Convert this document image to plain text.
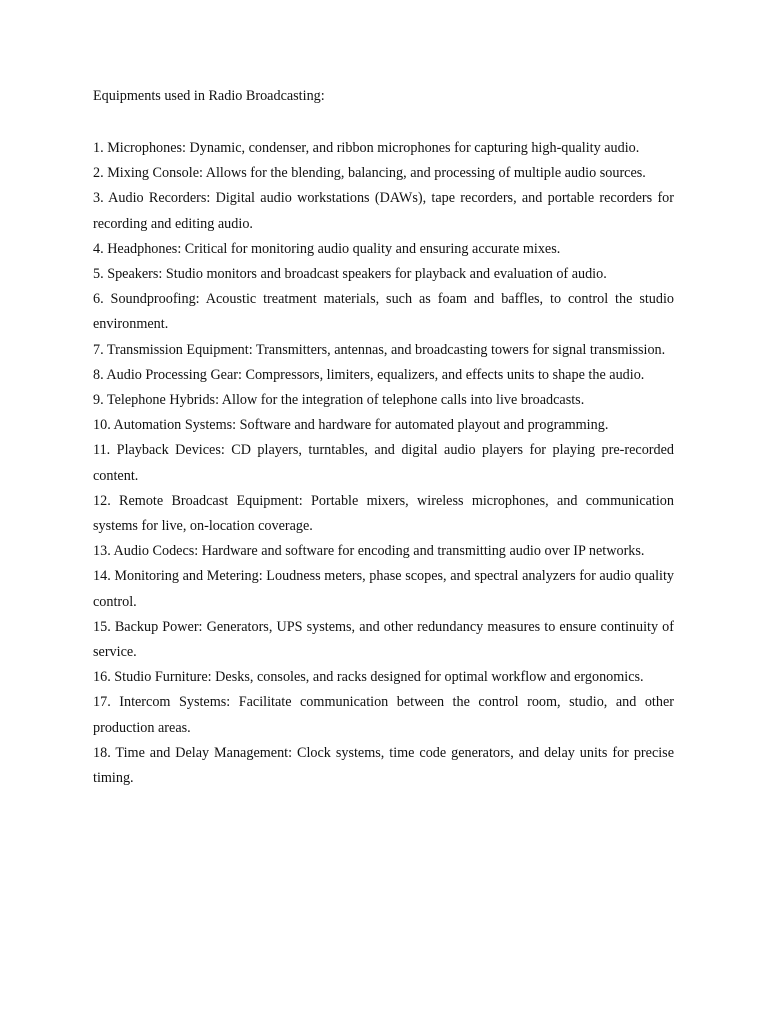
Equipments used in Radio Broadcasting:

1. Microphones: Dynamic, condenser, and ribbon microphones for capturing high-quality audio.
2. Mixing Console: Allows for the blending, balancing, and processing of multiple audio sources.
3. Audio Recorders: Digital audio workstations (DAWs), tape recorders, and portable recorders for recording and editing audio.
4. Headphones: Critical for monitoring audio quality and ensuring accurate mixes.
5. Speakers: Studio monitors and broadcast speakers for playback and evaluation of audio.
6. Soundproofing: Acoustic treatment materials, such as foam and baffles, to control the studio environment.
7. Transmission Equipment: Transmitters, antennas, and broadcasting towers for signal transmission.
8. Audio Processing Gear: Compressors, limiters, equalizers, and effects units to shape the audio.
9. Telephone Hybrids: Allow for the integration of telephone calls into live broadcasts.
10. Automation Systems: Software and hardware for automated playout and programming.
11. Playback Devices: CD players, turntables, and digital audio players for playing pre-recorded content.
12. Remote Broadcast Equipment: Portable mixers, wireless microphones, and communication systems for live, on-location coverage.
13. Audio Codecs: Hardware and software for encoding and transmitting audio over IP networks.
14. Monitoring and Metering: Loudness meters, phase scopes, and spectral analyzers for audio quality control.
15. Backup Power: Generators, UPS systems, and other redundancy measures to ensure continuity of service.
16. Studio Furniture: Desks, consoles, and racks designed for optimal workflow and ergonomics.
17. Intercom Systems: Facilitate communication between the control room, studio, and other production areas.
18. Time and Delay Management: Clock systems, time code generators, and delay units for precise timing.
